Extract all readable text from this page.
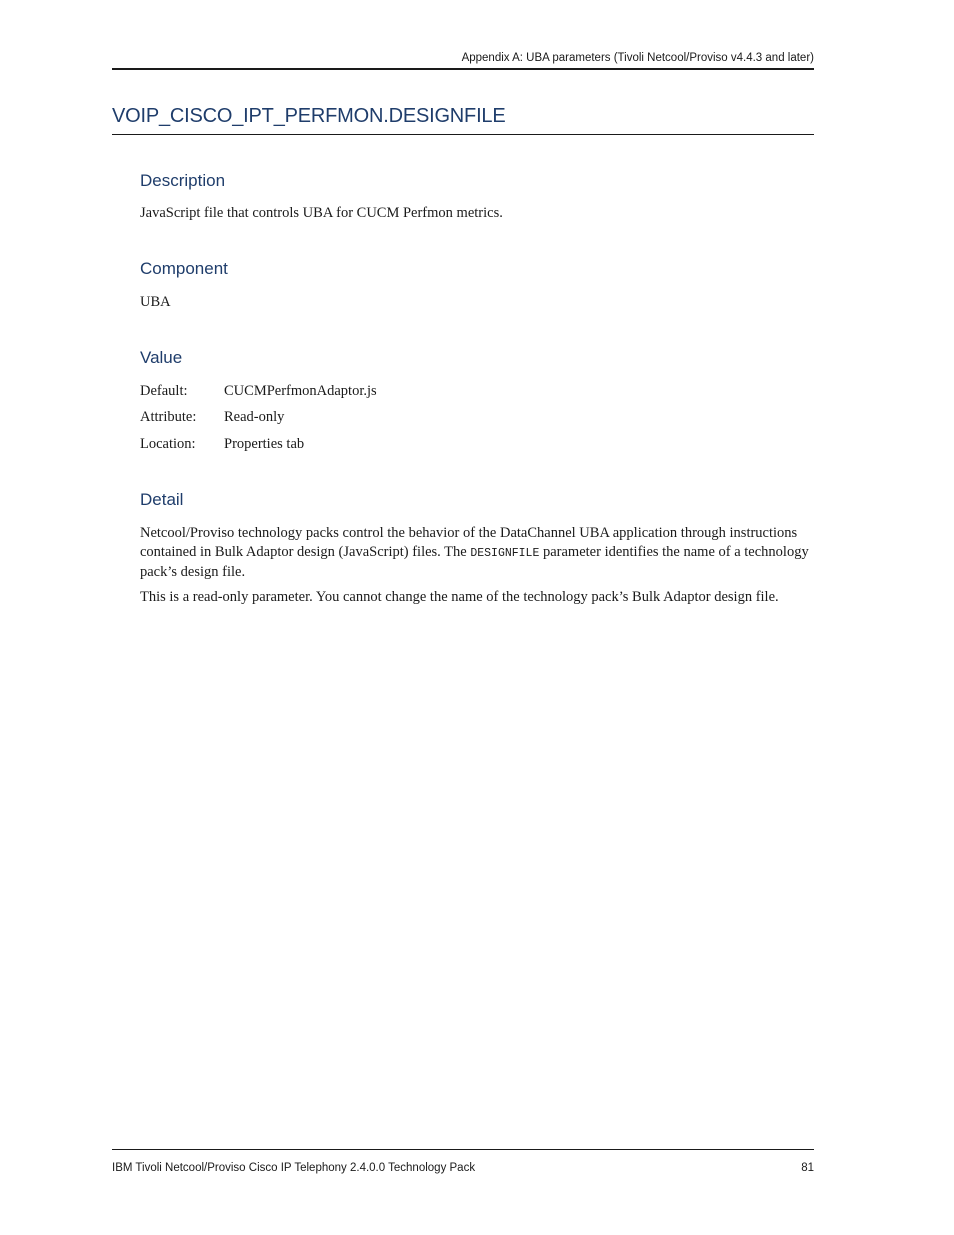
Appendix A: UBA parameters (Tivoli Netcool/Proviso v4.4.3 and later)
VOIP_CISCO_IPT_PERFMON.DESIGNFILE
Description

JavaScript file that controls UBA for CUCM Perfmon metrics.

Component

UBA

Value
Default:	CUCMPerfmonAdaptor.js
Attribute: Read-only
Location: Properties tab
Detail

Netcool/Proviso technology packs control the behavior of the DataChannel UBA application through instructions contained in Bulk Adaptor design (JavaScript) files. The DESIGNFILE parameter identifies the name of a technology pack’s design file.

This is a read-only parameter. You cannot change the name of the technology pack’s Bulk Adaptor design file.

IBM Tivoli Netcool/Proviso Cisco IP Telephony 2.4.0.0 Technology Pack	81
